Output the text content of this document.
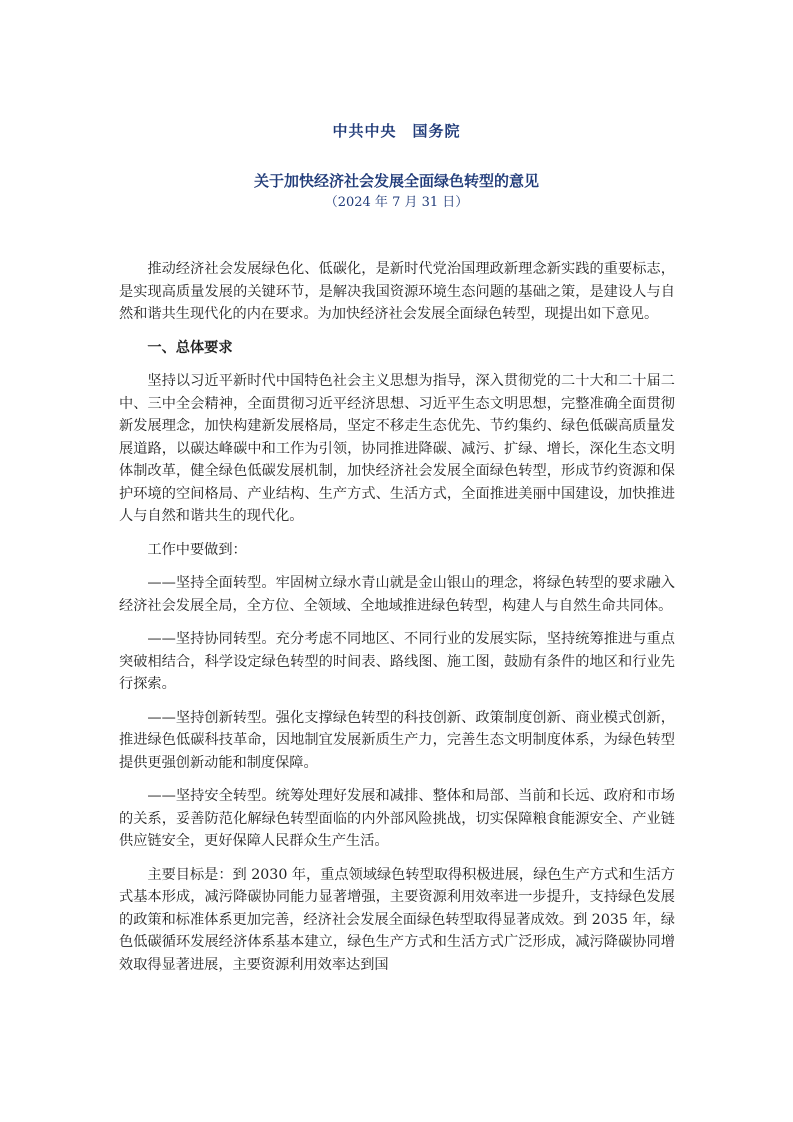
中共中央　国务院
关于加快经济社会发展全面绿色转型的意见
（2024 年 7 月 31 日）

推动经济社会发展绿色化、低碳化，是新时代党治国理政新理念新实践的重要标志，是实现高质量发展的关键环节，是解决我国资源环境生态问题的基础之策，是建设人与自然和谐共生现代化的内在要求。为加快经济社会发展全面绿色转型，现提出如下意见。

一、总体要求

坚持以习近平新时代中国特色社会主义思想为指导，深入贯彻党的二十大和二十届二中、三中全会精神，全面贯彻习近平经济思想、习近平生态文明思想，完整准确全面贯彻新发展理念，加快构建新发展格局，坚定不移走生态优先、节约集约、绿色低碳高质量发展道路，以碳达峰碳中和工作为引领，协同推进降碳、减污、扩绿、增长，深化生态文明体制改革，健全绿色低碳发展机制，加快经济社会发展全面绿色转型，形成节约资源和保护环境的空间格局、产业结构、生产方式、生活方式，全面推进美丽中国建设，加快推进人与自然和谐共生的现代化。

工作中要做到：

——坚持全面转型。牢固树立绿水青山就是金山银山的理念，将绿色转型的要求融入经济社会发展全局，全方位、全领域、全地域推进绿色转型，构建人与自然生命共同体。

——坚持协同转型。充分考虑不同地区、不同行业的发展实际，坚持统筹推进与重点突破相结合，科学设定绿色转型的时间表、路线图、施工图，鼓励有条件的地区和行业先行探索。

——坚持创新转型。强化支撑绿色转型的科技创新、政策制度创新、商业模式创新，推进绿色低碳科技革命，因地制宜发展新质生产力，完善生态文明制度体系，为绿色转型提供更强创新动能和制度保障。

——坚持安全转型。统筹处理好发展和减排、整体和局部、当前和长远、政府和市场的关系，妥善防范化解绿色转型面临的内外部风险挑战，切实保障粮食能源安全、产业链供应链安全，更好保障人民群众生产生活。

主要目标是：到 2030 年，重点领域绿色转型取得积极进展，绿色生产方式和生活方式基本形成，减污降碳协同能力显著增强，主要资源利用效率进一步提升，支持绿色发展的政策和标准体系更加完善，经济社会发展全面绿色转型取得显著成效。到 2035 年，绿色低碳循环发展经济体系基本建立，绿色生产方式和生活方式广泛形成，减污降碳协同增效取得显著进展，主要资源利用效率达到国
